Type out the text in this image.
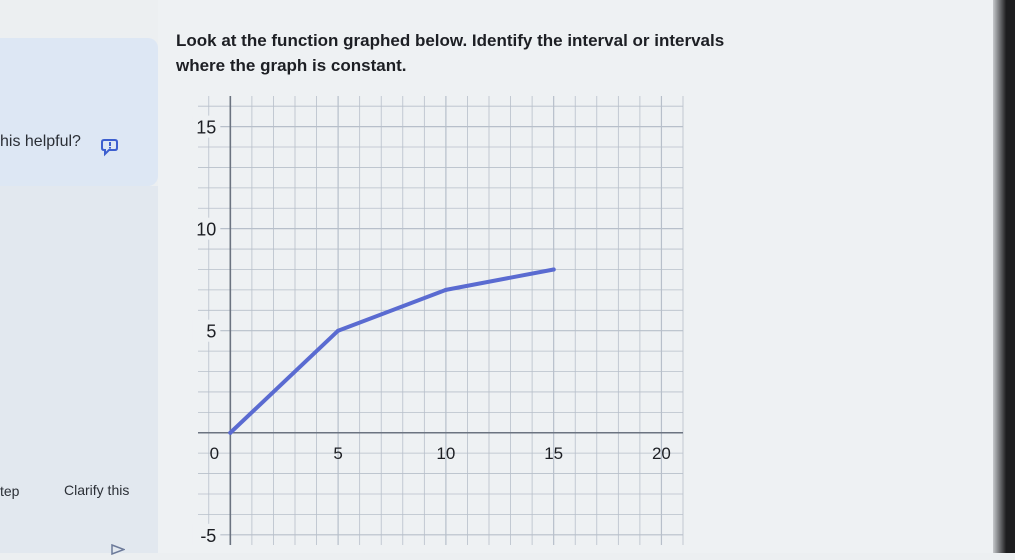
his helpful?
tep	Clarify this
Look at the function graphed below. Identify the interval or intervals where the graph is constant.
0	5	10	15	20
15
10
5
-5
